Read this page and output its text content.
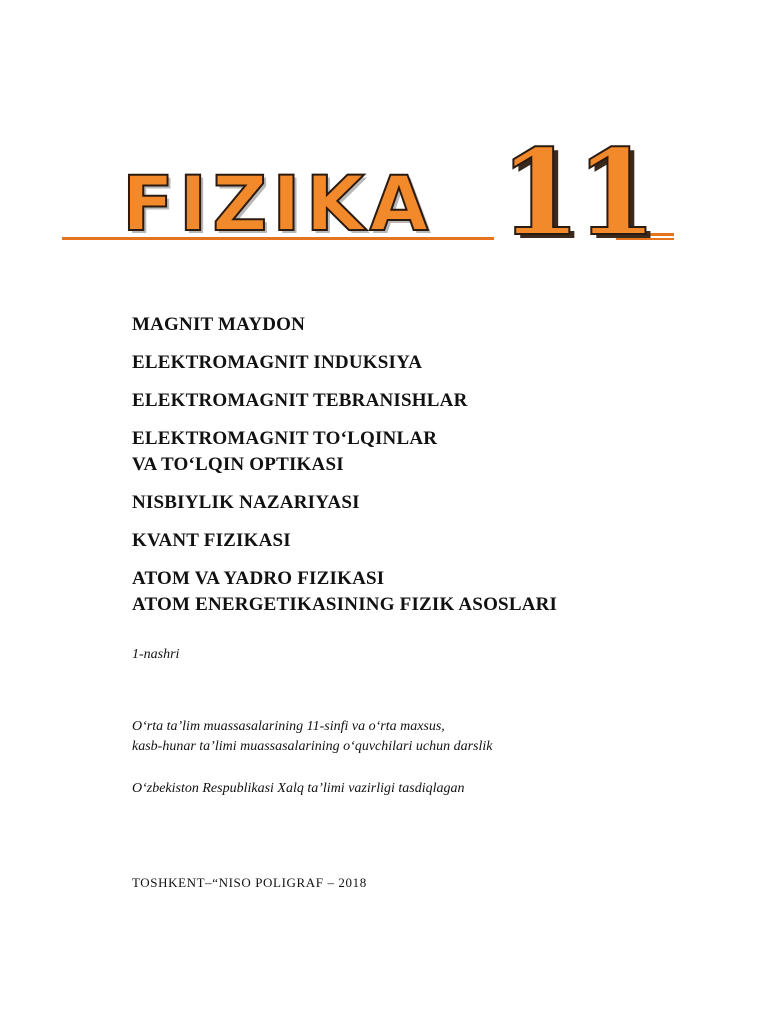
FIZIKA 11
MAGNIT MAYDON
ELEKTROMAGNIT INDUKSIYA
ELEKTROMAGNIT TEBRANISHLAR
ELEKTROMAGNIT TO‘LQINLAR
VA TO‘LQIN OPTIKASI
NISBIYLIK NAZARIYASI
KVANT FIZIKASI
ATOM VA YADRO FIZIKASI
ATOM ENERGETIKASINING FIZIK ASOSLARI
1-nashri
O‘rta ta’lim muassasalarining 11-sinfi va o‘rta maxsus,
kasb-hunar ta’limi muassasalarining o‘quvchilari uchun darslik
O‘zbekiston Respublikasi Xalq ta’limi vazirligi tasdiqlagan
TOSHKENT–“NISO POLIGRAF – 2018
